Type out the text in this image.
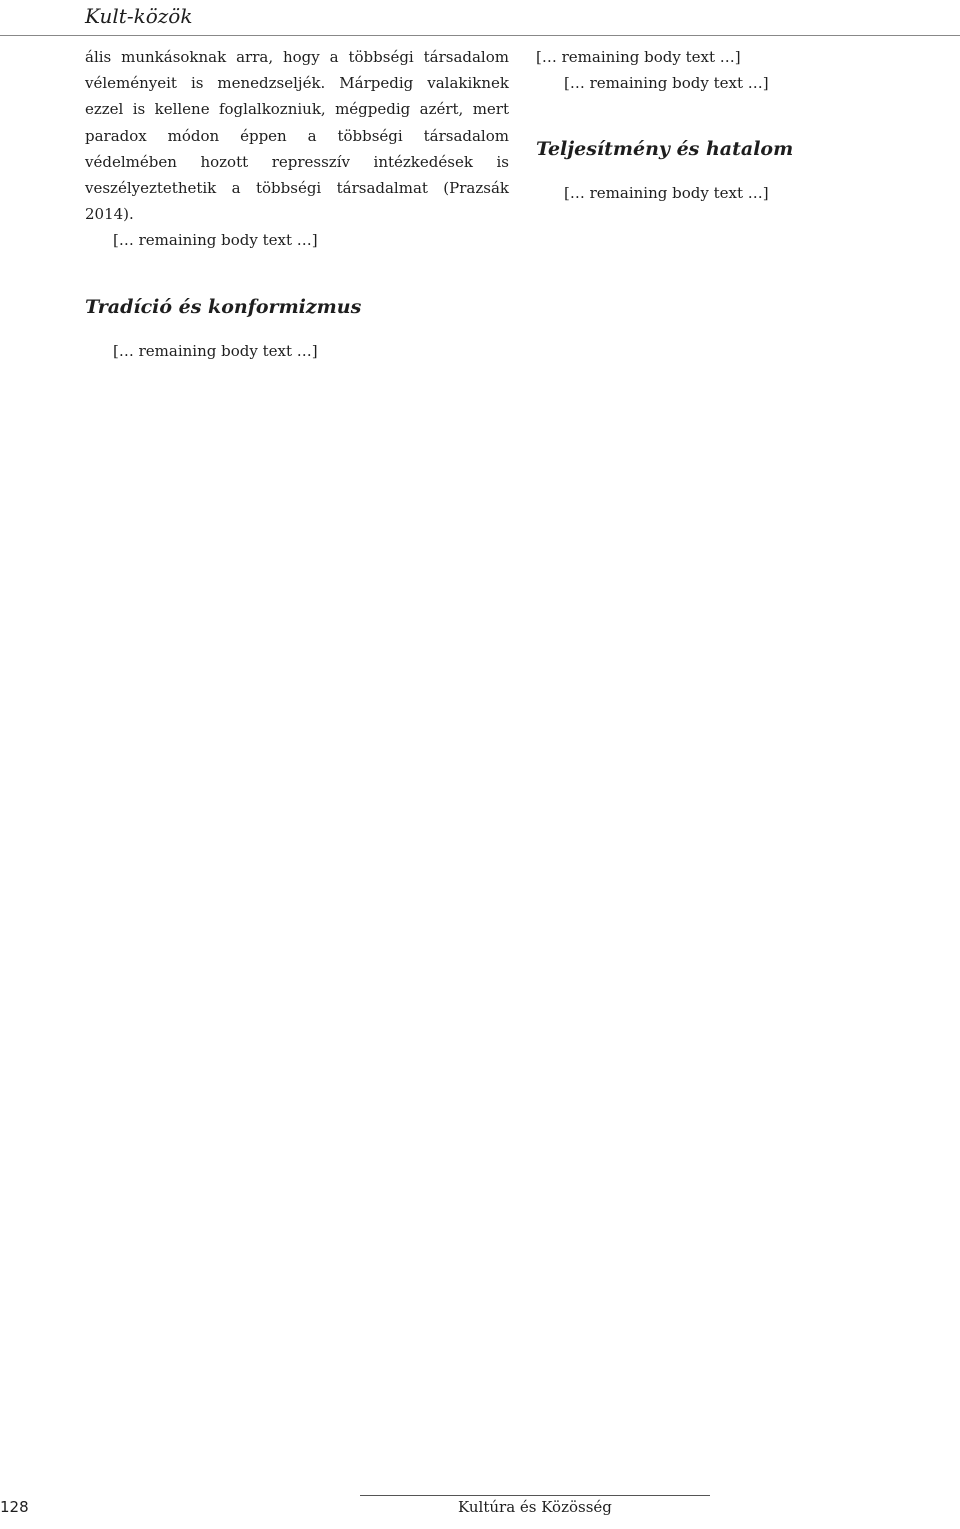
Kult-közök

ális munkásoknak arra, hogy a többségi társadalom véleményeit is menedzseljék. Márpedig valakiknek ezzel is kellene foglalkozniuk, mégpedig azért, mert paradox módon éppen a többségi társadalom védelmében hozott represszív intézkedések is veszélyeztethetik a többségi társadalmat (Prazsák 2014).

[… remaining body text …]

Tradíció és konformizmus

[… remaining body text …]

[… remaining body text …]

[… remaining body text …]

Teljesítmény és hatalom

[… remaining body text …]

128	Kultúra és Közösség
